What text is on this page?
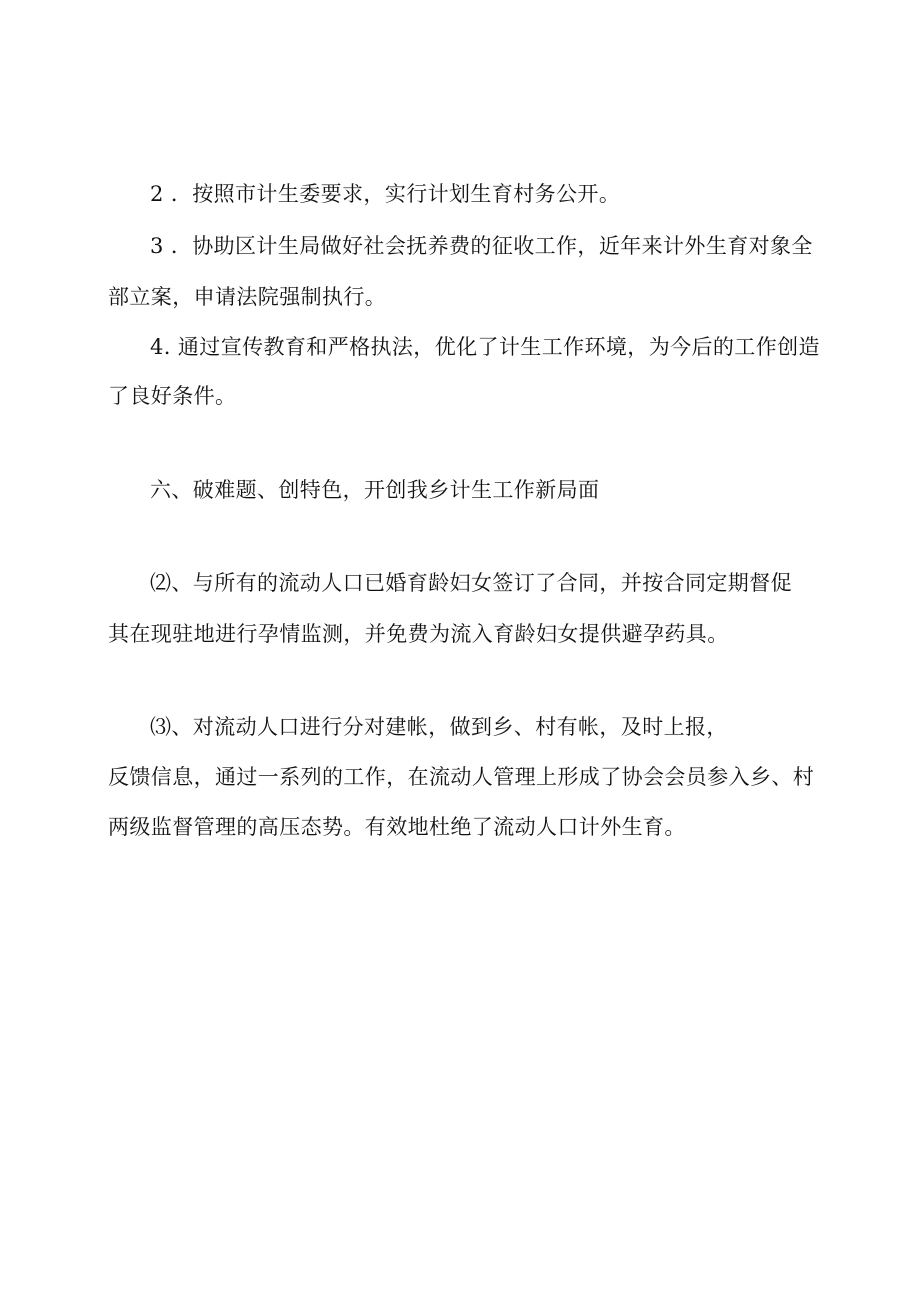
2 ．按照市计生委要求，实行计划生育村务公开。
3 ．协助区计生局做好社会抚养费的征收工作，近年来计外生育对象全
部立案，申请法院强制执行。
4. 通过宣传教育和严格执法，优化了计生工作环境，为今后的工作创造
了良好条件。
六、破难题、创特色，开创我乡计生工作新局面
⑵、与所有的流动人口已婚育龄妇女签订了合同，并按合同定期督促
其在现驻地进行孕情监测，并免费为流入育龄妇女提供避孕药具。
⑶、对流动人口进行分对建帐，做到乡、村有帐，及时上报，
反馈信息，通过一系列的工作，在流动人管理上形成了协会会员参入乡、村
两级监督管理的高压态势。有效地杜绝了流动人口计外生育。
